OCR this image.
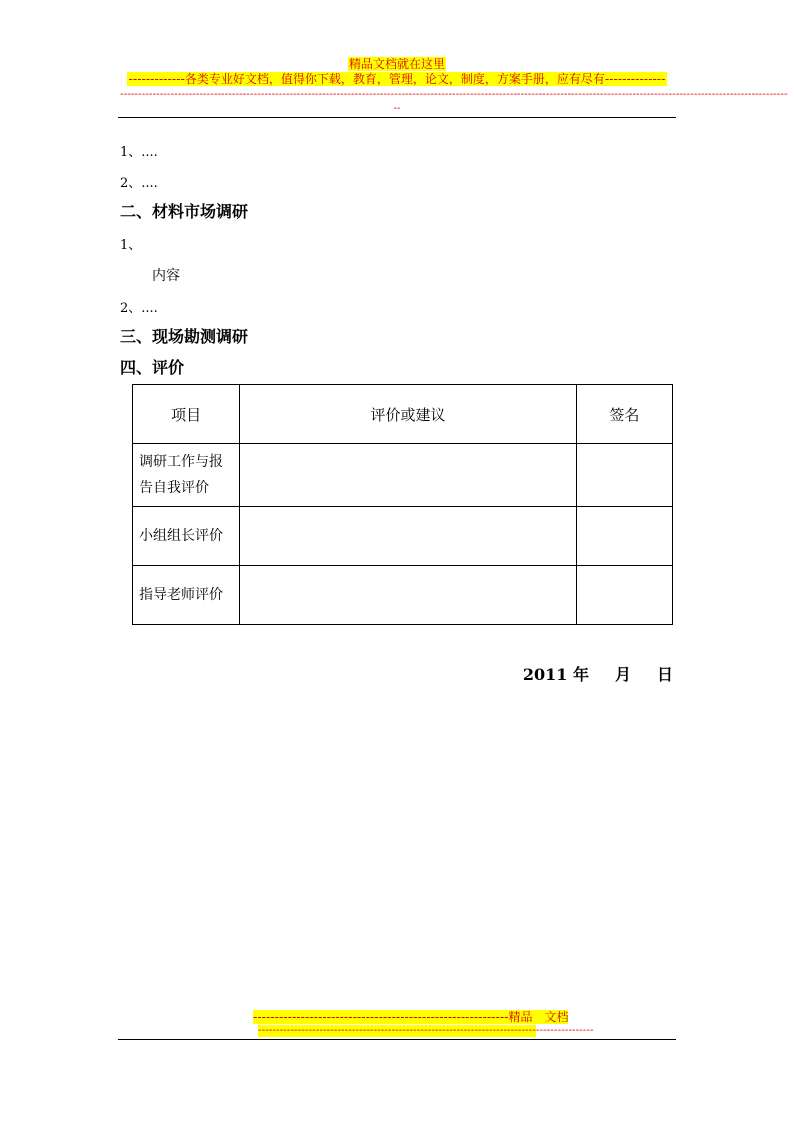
精品文档就在这里
-------------各类专业好文档，值得你下载，教育，管理，论文，制度，方案手册，应有尽有--------------
-----------------------------------------------------------------------------------------------------------------------------------------------------------------------------------------
--
1、....
2、....
二、材料市场调研
1、
内容
2、....
三、现场勘测调研
四、评价
项目	评价或建议	签名

调研工作与报
告自我评价		

小组组长评价		

指导老师评价		

2011 年 月 日
-----------------------------------------------------------精品　文档
---------------------------------------------------------------------------------------------
